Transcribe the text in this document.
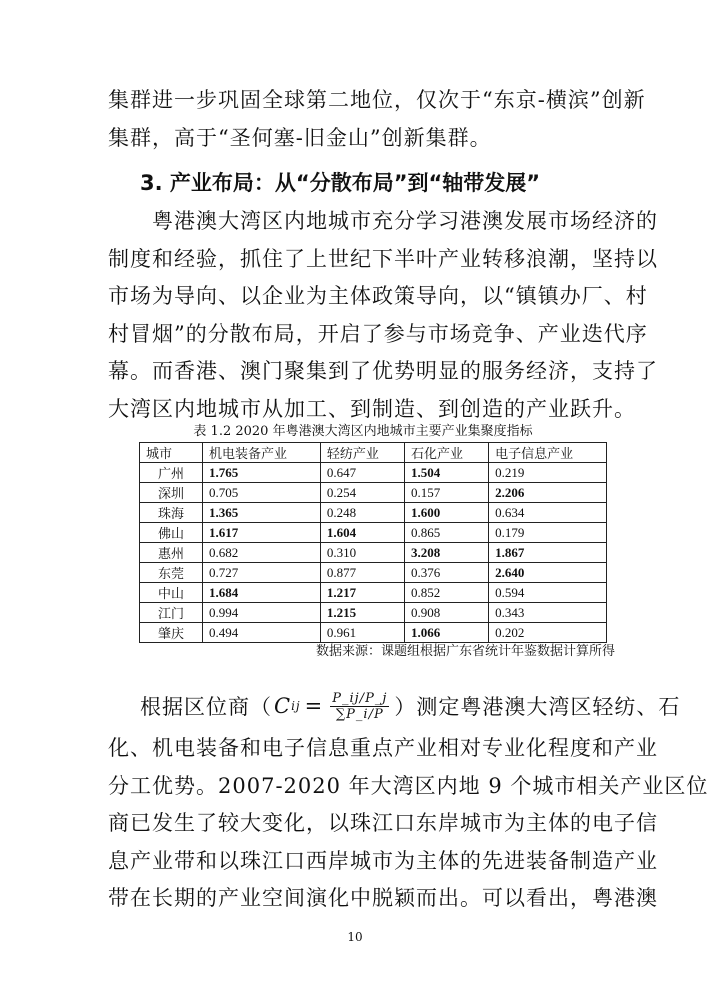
集群进一步巩固全球第二地位，仅次于“东京-横滨”创新
集群，高于“圣何塞-旧金山”创新集群。
3. 产业布局：从“分散布局”到“轴带发展”
　　粤港澳大湾区内地城市充分学习港澳发展市场经济的
制度和经验，抓住了上世纪下半叶产业转移浪潮，坚持以
市场为导向、以企业为主体政策导向，以“镇镇办厂、村
村冒烟”的分散布局，开启了参与市场竞争、产业迭代序
幕。而香港、澳门聚集到了优势明显的服务经济，支持了
大湾区内地城市从加工、到制造、到创造的产业跃升。
表 1.2 2020 年粤港澳大湾区内地城市主要产业集聚度指标
城市	机电装备产业	轻纺产业	石化产业	电子信息产业
广州	1.765	0.647	1.504	0.219
深圳	0.705	0.254	0.157	2.206
珠海	1.365	0.248	1.600	0.634
佛山	1.617	1.604	0.865	0.179
惠州	0.682	0.310	3.208	1.867
东莞	0.727	0.877	0.376	2.640
中山	1.684	1.217	0.852	0.594
江门	0.994	1.215	0.908	0.343
肇庆	0.494	0.961	1.066	0.202
数据来源：课题组根据广东省统计年鉴数据计算所得
根据区位商（ C ij = $\frac{P\_ij/P\_j}{\sum P\_i/P}$ ）测定粤港澳大湾区轻纺、石
化、机电装备和电子信息重点产业相对专业化程度和产业
分工优势。2007-2020 年大湾区内地 9 个城市相关产业区位
商已发生了较大变化，以珠江口东岸城市为主体的电子信
息产业带和以珠江口西岸城市为主体的先进装备制造产业
带在长期的产业空间演化中脱颖而出。可以看出，粤港澳
10
